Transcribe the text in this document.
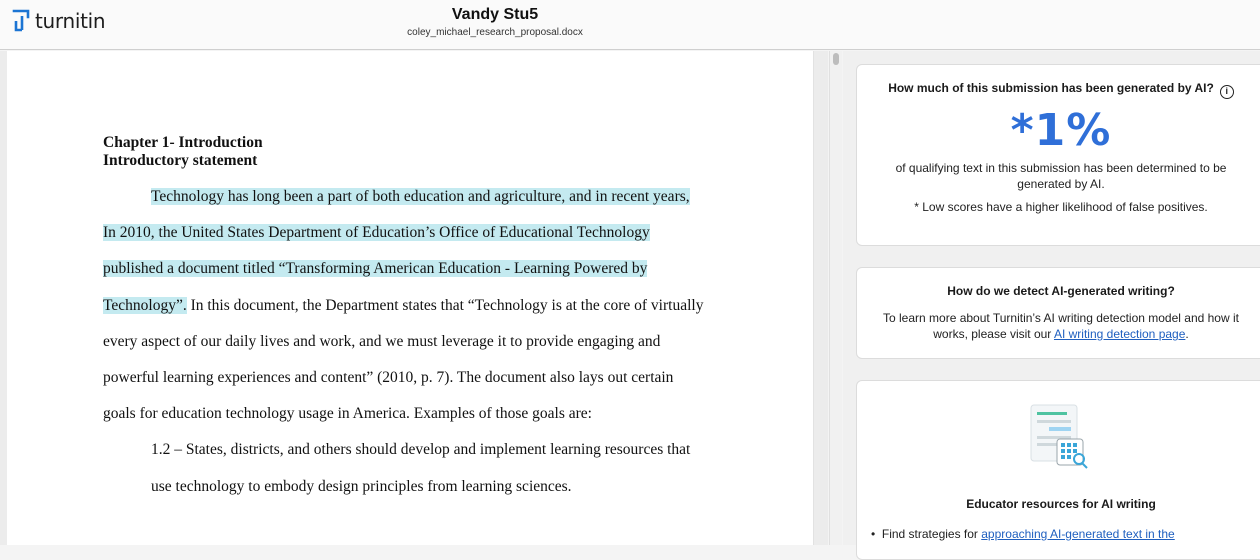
turnitin	Vandy Stu5
coley_michael_research_proposal.docx
Chapter 1- Introduction
Introductory statement
Technology has long been a part of both education and agriculture, and in recent years,
In 2010, the United States Department of Education’s Office of Educational Technology
published a document titled “Transforming American Education - Learning Powered by
Technology”. In this document, the Department states that “Technology is at the core of virtually
every aspect of our daily lives and work, and we must leverage it to provide engaging and
powerful learning experiences and content” (2010, p. 7). The document also lays out certain
goals for education technology usage in America. Examples of those goals are:
1.2 – States, districts, and others should develop and implement learning resources that
use technology to embody design principles from learning sciences.
How much of this submission has been generated by AI? i
*1%
of qualifying text in this submission has been determined to be generated by AI.
* Low scores have a higher likelihood of false positives.
How do we detect AI-generated writing?
To learn more about Turnitin’s AI writing detection model and how it works, please visit our AI writing detection page.
Educator resources for AI writing
• Find strategies for approaching AI-generated text in the
